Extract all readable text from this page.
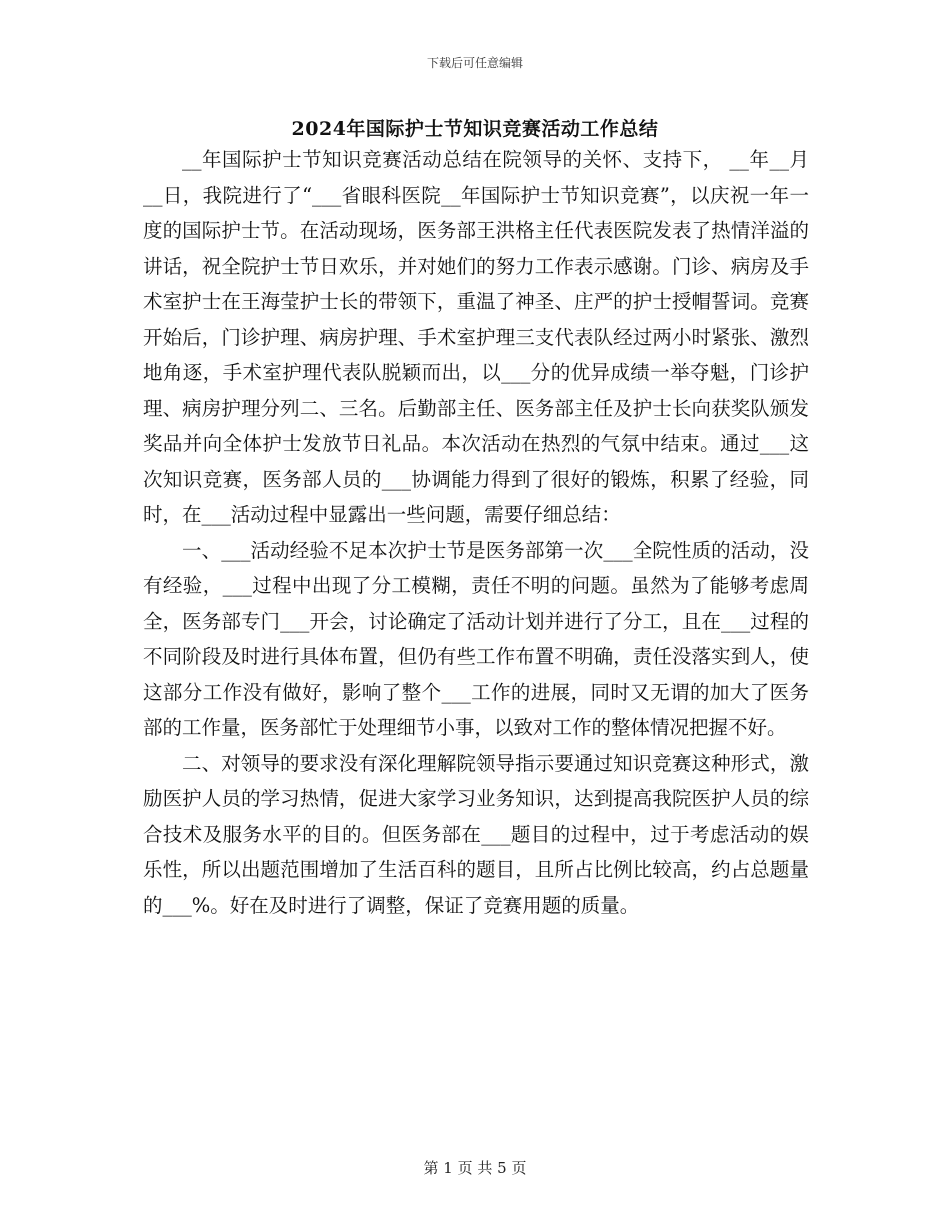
下载后可任意编辑
2024年国际护士节知识竞赛活动工作总结

__年国际护士节知识竞赛活动总结在院领导的关怀、支持下， __年__月__日，我院进行了“___省眼科医院__年国际护士节知识竞赛”，以庆祝一年一度的国际护士节。在活动现场，医务部王洪格主任代表医院发表了热情洋溢的讲话，祝全院护士节日欢乐，并对她们的努力工作表示感谢。门诊、病房及手术室护士在王海莹护士长的带领下，重温了神圣、庄严的护士授帽誓词。竞赛开始后，门诊护理、病房护理、手术室护理三支代表队经过两小时紧张、激烈地角逐，手术室护理代表队脱颖而出，以___分的优异成绩一举夺魁，门诊护理、病房护理分列二、三名。后勤部主任、医务部主任及护士长向获奖队颁发奖品并向全体护士发放节日礼品。本次活动在热烈的气氛中结束。通过___这次知识竞赛，医务部人员的___协调能力得到了很好的锻炼，积累了经验，同时，在___活动过程中显露出一些问题，需要仔细总结：

一、___活动经验不足本次护士节是医务部第一次___全院性质的活动，没有经验，___过程中出现了分工模糊，责任不明的问题。虽然为了能够考虑周全，医务部专门___开会，讨论确定了活动计划并进行了分工，且在___过程的不同阶段及时进行具体布置，但仍有些工作布置不明确，责任没落实到人，使这部分工作没有做好，影响了整个___工作的进展，同时又无谓的加大了医务部的工作量，医务部忙于处理细节小事，以致对工作的整体情况把握不好。

二、对领导的要求没有深化理解院领导指示要通过知识竞赛这种形式，激励医护人员的学习热情，促进大家学习业务知识，达到提高我院医护人员的综合技术及服务水平的目的。但医务部在___题目的过程中，过于考虑活动的娱乐性，所以出题范围增加了生活百科的题目，且所占比例比较高，约占总题量的___%。好在及时进行了调整，保证了竞赛用题的质量。

第 1 页 共 5 页
